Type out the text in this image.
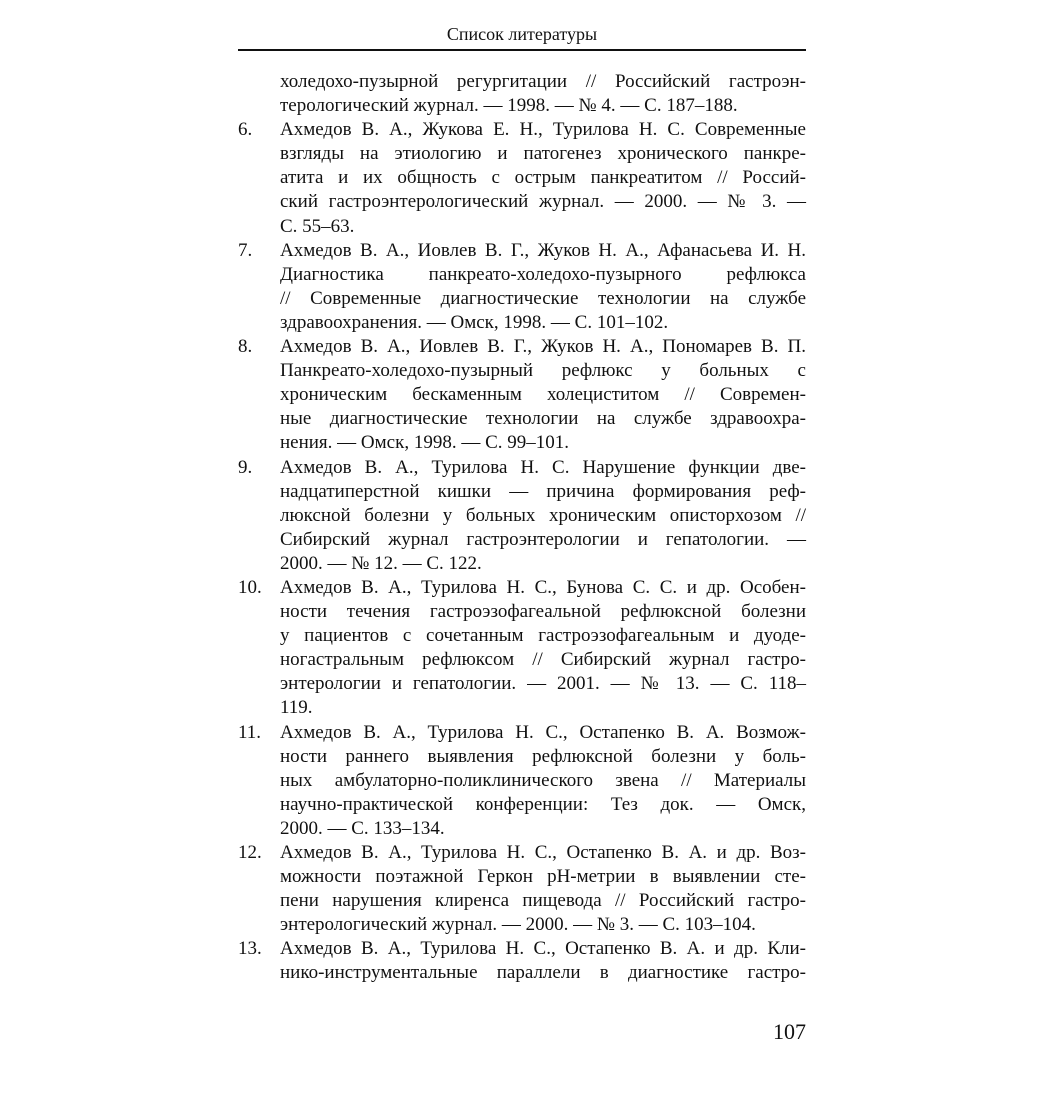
Список литературы
холедохо-пузырной регургитации // Российский гастроэн-
терологический журнал. — 1998. — № 4. — С. 187–188.
6.	Ахмедов В. А., Жукова Е. Н., Турилова Н. С. Современные
взгляды на этиологию и патогенез хронического панкре-
атита и их общность с острым панкреатитом // Россий-
ский гастроэнтерологический журнал. — 2000. — № 3. —
С. 55–63.
7.	Ахмедов В. А., Иовлев В. Г., Жуков Н. А., Афанасьева И. Н.
Диагностика панкреато-холедохо-пузырного рефлюкса
// Современные диагностические технологии на службе
здравоохранения. — Омск, 1998. — С. 101–102.
8.	Ахмедов В. А., Иовлев В. Г., Жуков Н. А., Пономарев В. П.
Панкреато-холедохо-пузырный рефлюкс у больных с
хроническим бескаменным холециститом // Современ-
ные диагностические технологии на службе здравоохра-
нения. — Омск, 1998. — С. 99–101.
9.	Ахмедов В. А., Турилова Н. С. Нарушение функции две-
надцатиперстной кишки — причина формирования реф-
люксной болезни у больных хроническим описторхозом //
Сибирский журнал гастроэнтерологии и гепатологии. —
2000. — № 12. — С. 122.
10. Ахмедов В. А., Турилова Н. С., Бунова С. С. и др. Особен-
ности течения гастроэзофагеальной рефлюксной болезни
у пациентов с сочетанным гастроэзофагеальным и дуоде-
ногастральным рефлюксом // Сибирский журнал гастро-
энтерологии и гепатологии. — 2001. — № 13. — С. 118–
119.
11. Ахмедов В. А., Турилова Н. С., Остапенко В. А. Возмож-
ности раннего выявления рефлюксной болезни у боль-
ных амбулаторно-поликлинического звена // Материалы
научно-практической конференции: Тез док. — Омск,
2000. — С. 133–134.
12. Ахмедов В. А., Турилова Н. С., Остапенко В. А. и др. Воз-
можности поэтажной Геркон pH-метрии в выявлении сте-
пени нарушения клиренса пищевода // Российский гастро-
энтерологический журнал. — 2000. — № 3. — С. 103–104.
13. Ахмедов В. А., Турилова Н. С., Остапенко В. А. и др. Кли-
нико-инструментальные параллели в диагностике гастро-
107
